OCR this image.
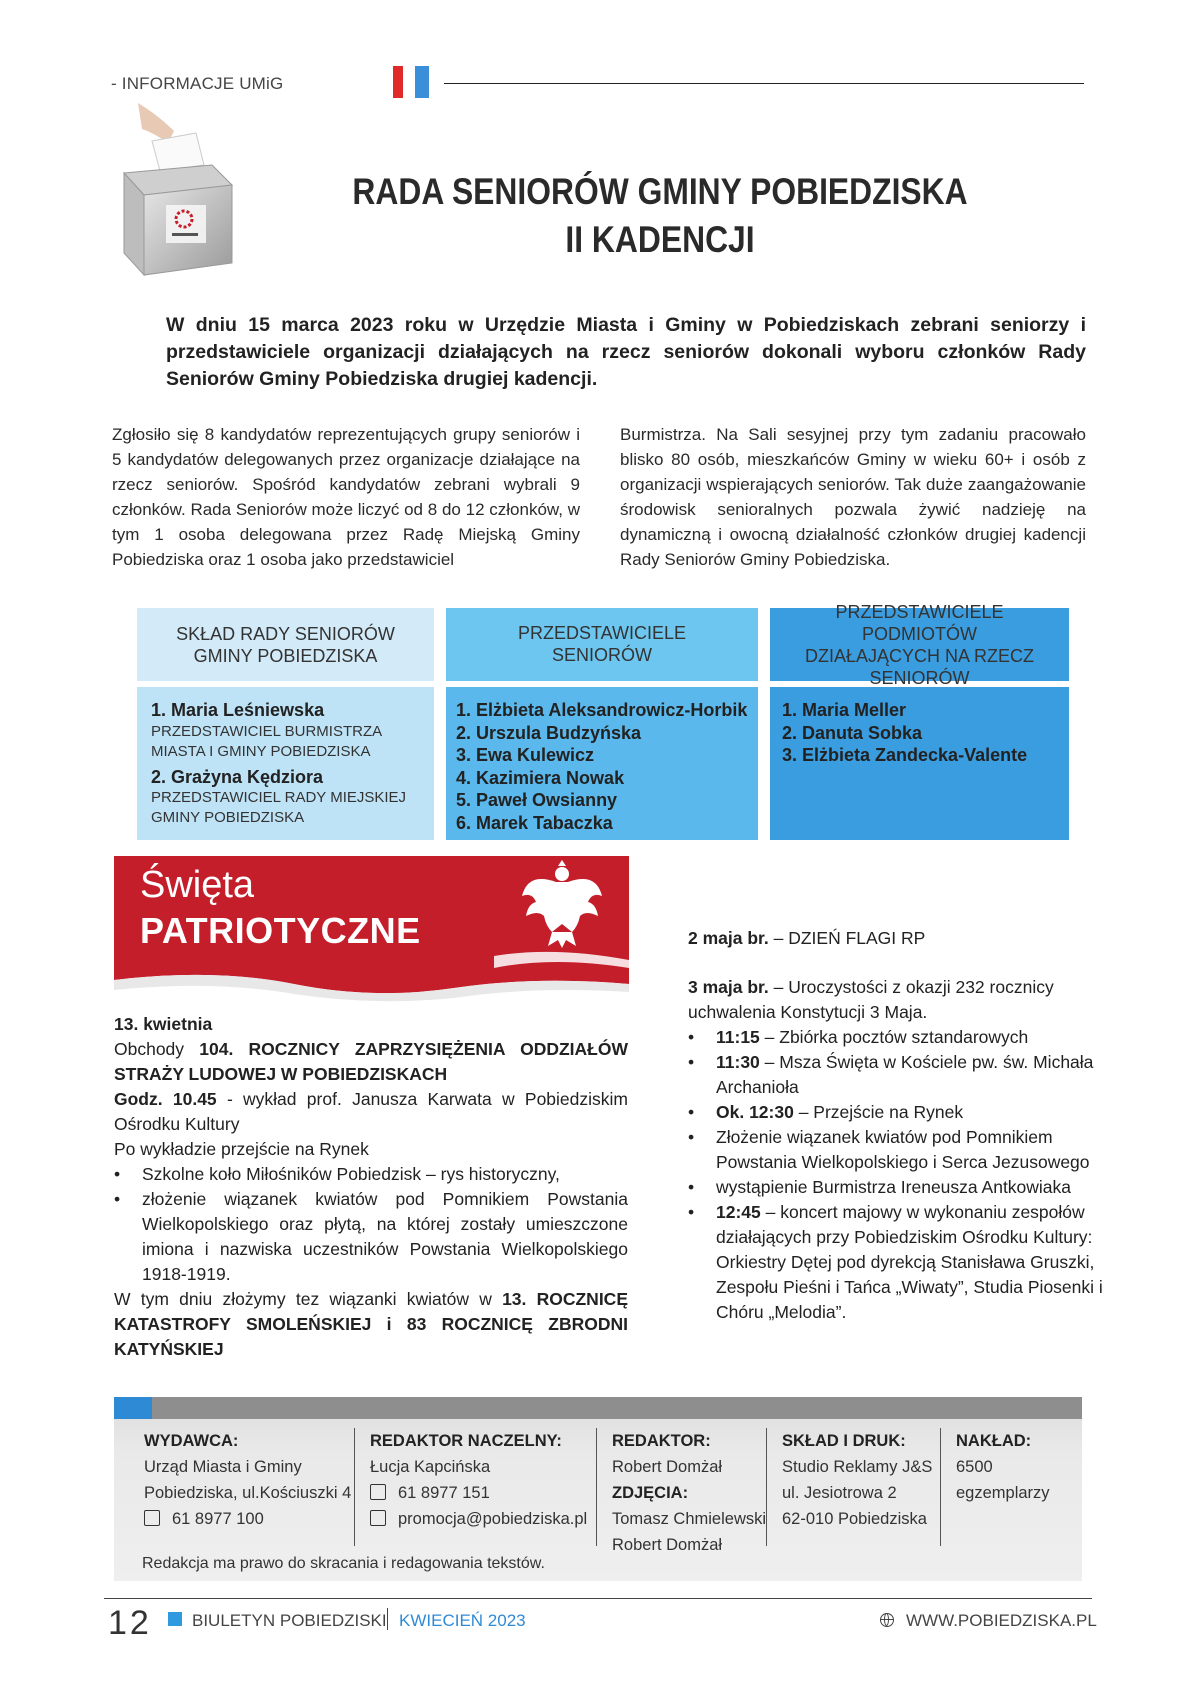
- INFORMACJE UMiG
RADA SENIORÓW GMINY POBIEDZISKA
II KADENCJI
W dniu 15 marca 2023 roku w Urzędzie Miasta i Gminy w Pobiedziskach zebrani seniorzy i przedstawiciele organizacji działających na rzecz seniorów dokonali wyboru członków Rady Seniorów Gminy Pobiedziska drugiej kadencji.
Zgłosiło się 8 kandydatów reprezentujących grupy seniorów i 5 kandydatów delegowanych przez organizacje działające na rzecz seniorów. Spośród kandydatów zebrani wybrali 9 członków. Rada Seniorów może liczyć od 8 do 12 członków, w tym 1 osoba delegowana przez Radę Miejską Gminy Pobiedziska oraz 1 osoba jako przedstawiciel
Burmistrza. Na Sali sesyjnej przy tym zadaniu pracowało blisko 80 osób, mieszkańców Gminy w wieku 60+ i osób z organizacji wspierających seniorów. Tak duże zaangażowanie środowisk senioralnych pozwala żywić nadzieję na dynamiczną i owocną działalność członków drugiej kadencji Rady Seniorów Gminy Pobiedziska.
SKŁAD RADY SENIORÓW GMINY POBIEDZISKA
PRZEDSTAWICIELE SENIORÓW
PRZEDSTAWICIELE PODMIOTÓW DZIAŁAJĄCYCH NA RZECZ SENIORÓW
1. Maria Leśniewska
PRZEDSTAWICIEL BURMISTRZA MIASTA I GMINY POBIEDZISKA
2. Grażyna Kędziora
PRZEDSTAWICIEL RADY MIEJSKIEJ GMINY POBIEDZISKA
1. Elżbieta Aleksandrowicz-Horbik
2. Urszula Budzyńska
3. Ewa Kulewicz
4. Kazimiera Nowak
5. Paweł Owsianny
6. Marek Tabaczka
1. Maria Meller
2. Danuta Sobka
3. Elżbieta Zandecka-Valente
Święta
PATRIOTYCZNE
13. kwietnia
Obchody 104. ROCZNICY ZAPRZYSIĘŻENIA ODDZIAŁÓW STRAŻY LUDOWEJ W POBIEDZISKACH
Godz. 10.45 - wykład prof. Janusza Karwata w Pobiedziskim Ośrodku Kultury
Po wykładzie przejście na Rynek
• Szkolne koło Miłośników Pobiedzisk – rys historyczny,
• złożenie wiązanek kwiatów pod Pomnikiem Powstania Wielkopolskiego oraz płytą, na której zostały umieszczone imiona i nazwiska uczestników Powstania Wielkopolskiego 1918-1919.
W tym dniu złożymy tez wiązanki kwiatów w 13. ROCZNICĘ KATASTROFY SMOLEŃSKIEJ i 83 ROCZNICĘ ZBRODNI KATYŃSKIEJ
2 maja br. – DZIEŃ FLAGI RP
3 maja br. – Uroczystości z okazji 232 rocznicy uchwalenia Konstytucji 3 Maja.
• 11:15 – Zbiórka pocztów sztandarowych
• 11:30 – Msza Święta w Kościele pw. św. Michała Archanioła
• Ok. 12:30 – Przejście na Rynek
• Złożenie wiązanek kwiatów pod Pomnikiem Powstania Wielkopolskiego i Serca Jezusowego
• wystąpienie Burmistrza Ireneusza Antkowiaka
• 12:45 – koncert majowy w wykonaniu zespołów działających przy Pobiedziskim Ośrodku Kultury: Orkiestry Dętej pod dyrekcją Stanisława Gruszki, Zespołu Pieśni i Tańca „Wiwaty”, Studia Piosenki i Chóru „Melodia”.
WYDAWCA:
Urząd Miasta i Gminy
Pobiedziska, ul.Kościuszki 4
61 8977 100
REDAKTOR NACZELNY:
Łucja Kapcińska
61 8977 151
promocja@pobiedziska.pl
REDAKTOR:
Robert Domżał
ZDJĘCIA:
Tomasz Chmielewski
Robert Domżał
SKŁAD I DRUK:
Studio Reklamy J&S
ul. Jesiotrowa 2
62-010 Pobiedziska
NAKŁAD:
6500
egzemplarzy
Redakcja ma prawo do skracania i redagowania tekstów.
12 BIULETYN POBIEDZISKI KWIECIEŃ 2023	WWW.POBIEDZISKA.PL
